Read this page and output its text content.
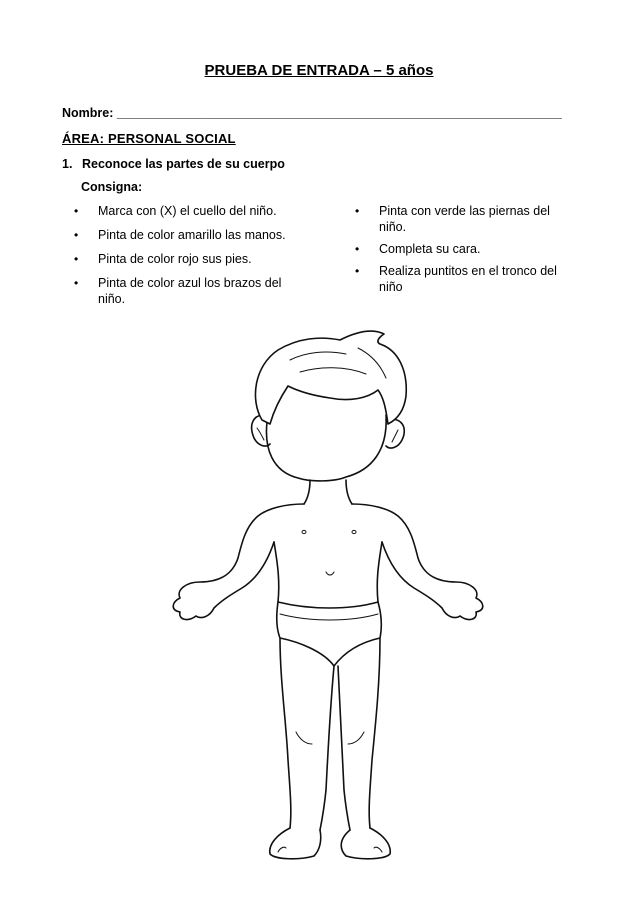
PRUEBA DE ENTRADA – 5 años
Nombre: ________________________________________________________________
ÁREA: PERSONAL SOCIAL
1. Reconoce las partes de su cuerpo
Consigna:
• Marca con (X) el cuello del niño.
• Pinta de color amarillo las manos.
• Pinta de color rojo sus pies.
• Pinta de color azul los brazos del niño.
• Pinta con verde las piernas del niño.
• Completa su cara.
• Realiza puntitos en el tronco del niño
